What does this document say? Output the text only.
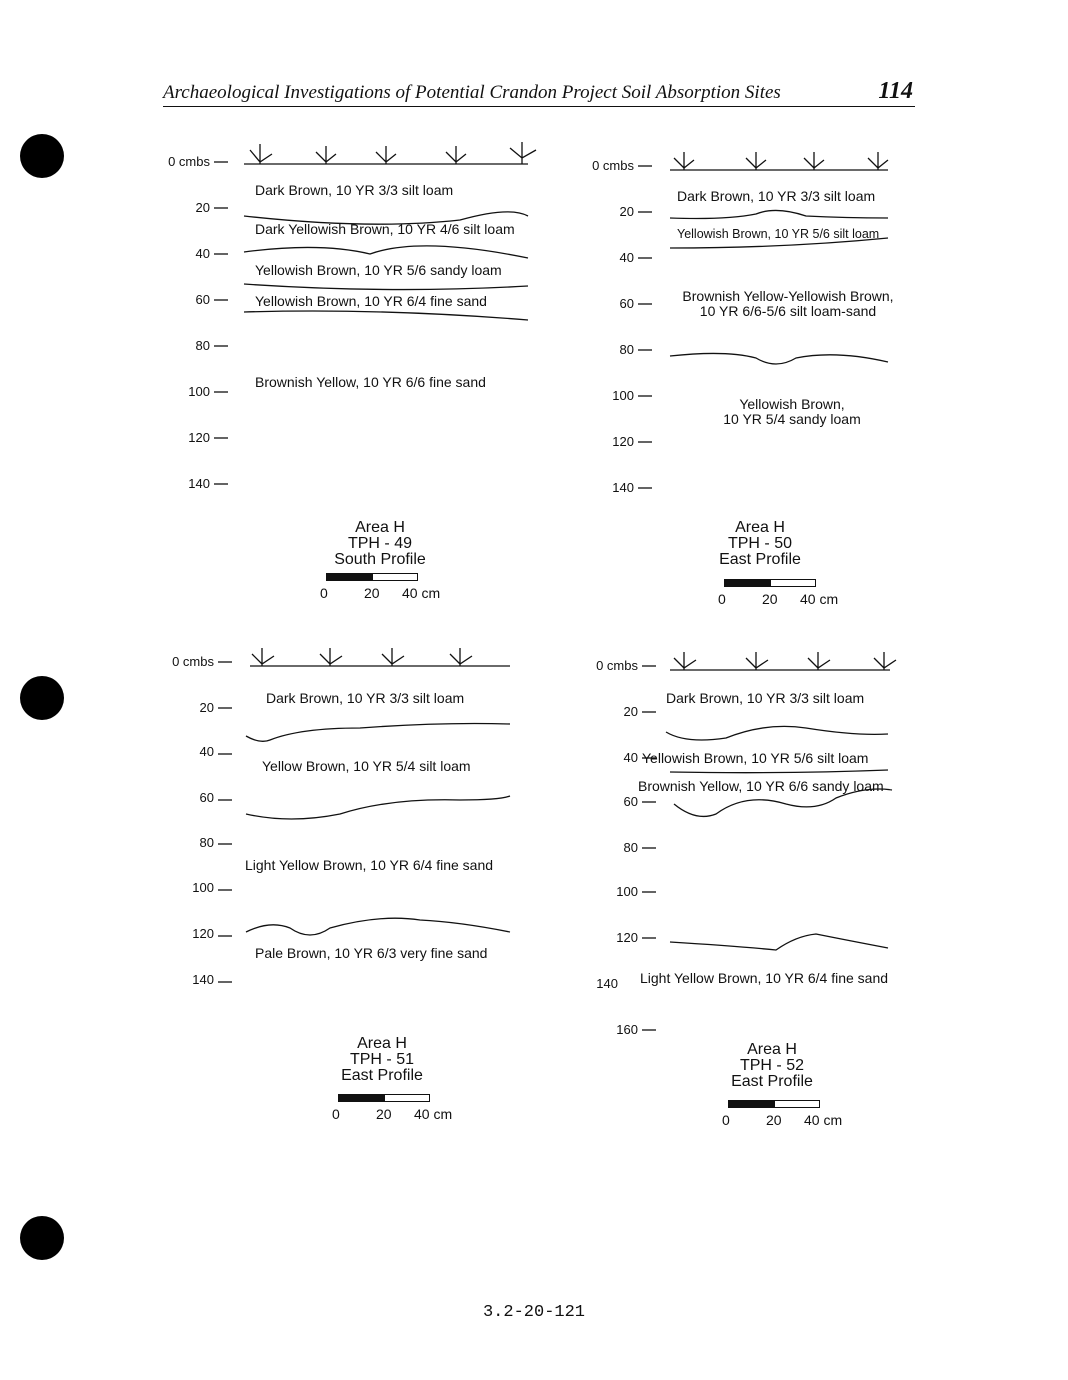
Archaeological Investigations of Potential Crandon Project Soil Absorption Sites	114
0 cmbs
20
40
60
80
100
120
140
Dark Brown, 10 YR 3/3 silt loam
Dark Yellowish Brown, 10 YR 4/6 silt loam
Yellowish Brown, 10 YR 5/6 sandy loam
Yellowish Brown, 10 YR 6/4 fine sand
Brownish Yellow, 10 YR 6/6 fine sand
Area H
TPH - 49
South Profile
0	20 40 cm
0 cmbs
20
40
60
80
100
120
140
Dark Brown, 10 YR 3/3 silt loam
Yellowish Brown, 10 YR 5/6 silt loam
Brownish Yellow-Yellowish Brown,
10 YR 6/6-5/6 silt loam-sand
Yellowish Brown,
10 YR 5/4 sandy loam
Area H
TPH - 50
East Profile
0	20 40 cm
0 cmbs
20
40
60
80
100
120
140
Dark Brown, 10 YR 3/3 silt loam
Yellow Brown, 10 YR 5/4 silt loam
Light Yellow Brown, 10 YR 6/4 fine sand
Pale Brown, 10 YR 6/3 very fine sand
Area H
TPH - 51
East Profile
0	20 40 cm
0 cmbs
20
40
60
80
100
120
140
160
Dark Brown, 10 YR 3/3 silt loam
Yellowish Brown, 10 YR 5/6 silt loam
Brownish Yellow, 10 YR 6/6 sandy loam
Light Yellow Brown, 10 YR 6/4 fine sand
Area H
TPH - 52
East Profile
0	20 40 cm
3.2-20-121
